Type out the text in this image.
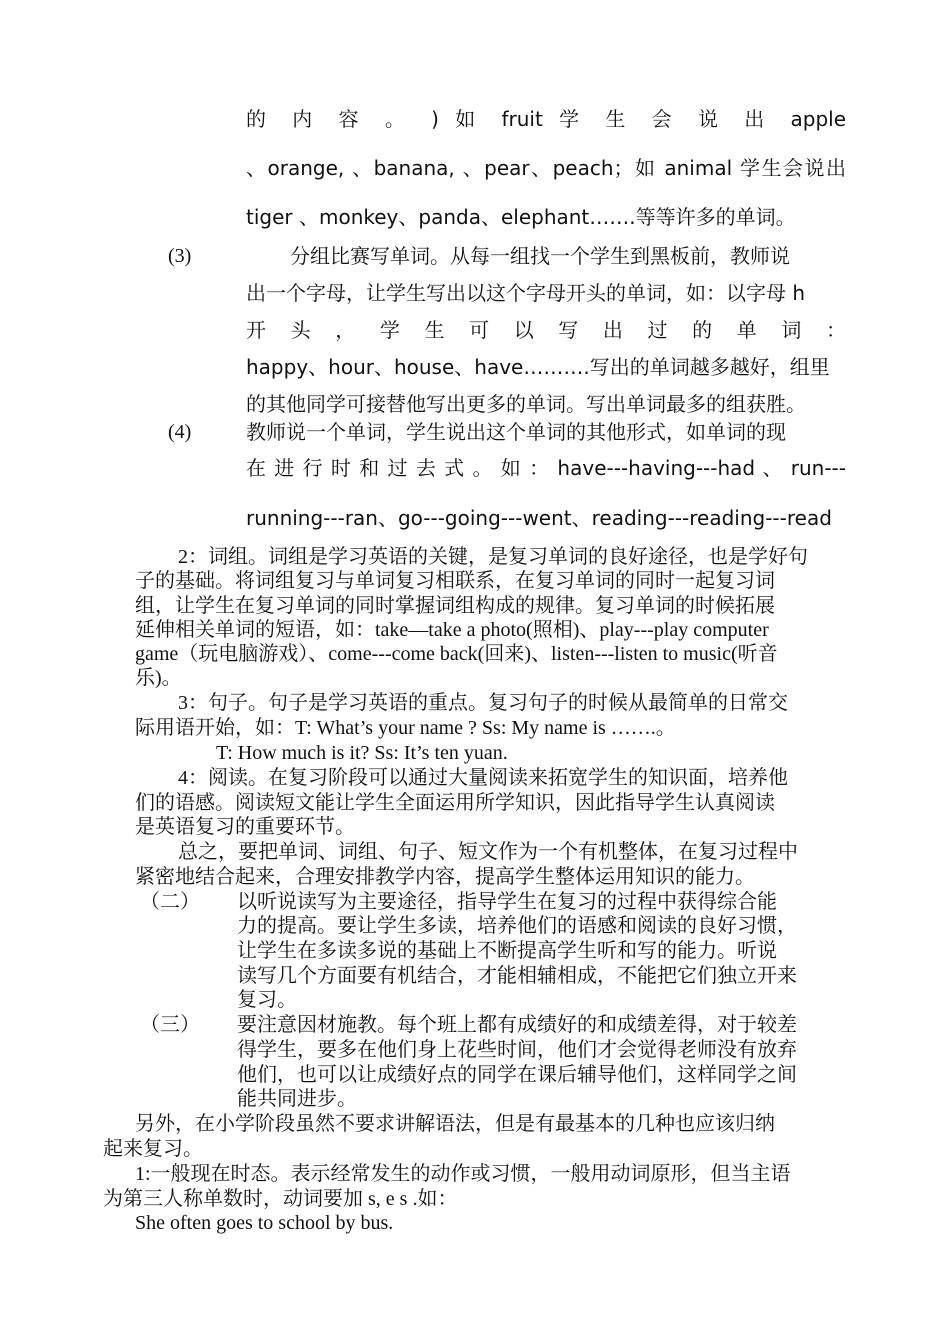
的 内 容 。 ) 如 fruit 学 生 会 说 出 apple
、orange, 、banana, 、pear、peach；如 animal 学生会说出
tiger 、monkey、panda、elephant…….等等许多的单词。
(3)	分组比赛写单词。从每一组找一个学生到黑板前，教师说
出一个字母，让学生写出以这个字母开头的单词，如：以字母 h
开 头 ， 学 生 可 以 写 出 过 的 单 词 ：
happy、hour、house、have……….写出的单词越多越好，组里
的其他同学可接替他写出更多的单词。写出单词最多的组获胜。
(4)	教师说一个单词，学生说出这个单词的其他形式，如单词的现
在 进 行 时 和 过 去 式 。 如 ： have---having---had 、 run---
running---ran、go---going---went、reading---reading---read
2：词组。词组是学习英语的关键，是复习单词的良好途径，也是学好句
子的基础。将词组复习与单词复习相联系，在复习单词的同时一起复习词
组，让学生在复习单词的同时掌握词组构成的规律。复习单词的时候拓展
延伸相关单词的短语，如：take—take a photo(照相)、play---play computer
game（玩电脑游戏）、come---come back(回来)、listen---listen to music(听音
乐)。
3：句子。句子是学习英语的重点。复习句子的时候从最简单的日常交
际用语开始，如：T: What’s your name ? Ss: My name is …….。
T: How much is it? Ss: It’s ten yuan.
4：阅读。在复习阶段可以通过大量阅读来拓宽学生的知识面，培养他
们的语感。阅读短文能让学生全面运用所学知识，因此指导学生认真阅读
是英语复习的重要环节。
总之，要把单词、词组、句子、短文作为一个有机整体，在复习过程中
紧密地结合起来，合理安排教学内容，提高学生整体运用知识的能力。
（二） 以听说读写为主要途径，指导学生在复习的过程中获得综合能
力的提高。要让学生多读，培养他们的语感和阅读的良好习惯，
让学生在多读多说的基础上不断提高学生听和写的能力。听说
读写几个方面要有机结合，才能相辅相成，不能把它们独立开来
复习。
（三） 要注意因材施教。每个班上都有成绩好的和成绩差得，对于较差
得学生，要多在他们身上花些时间，他们才会觉得老师没有放弃
他们，也可以让成绩好点的同学在课后辅导他们，这样同学之间
能共同进步。
另外，在小学阶段虽然不要求讲解语法，但是有最基本的几种也应该归纳
起来复习。
1:一般现在时态。表示经常发生的动作或习惯，一般用动词原形，但当主语
为第三人称单数时，动词要加 s, e s .如：
She often goes to school by bus.
